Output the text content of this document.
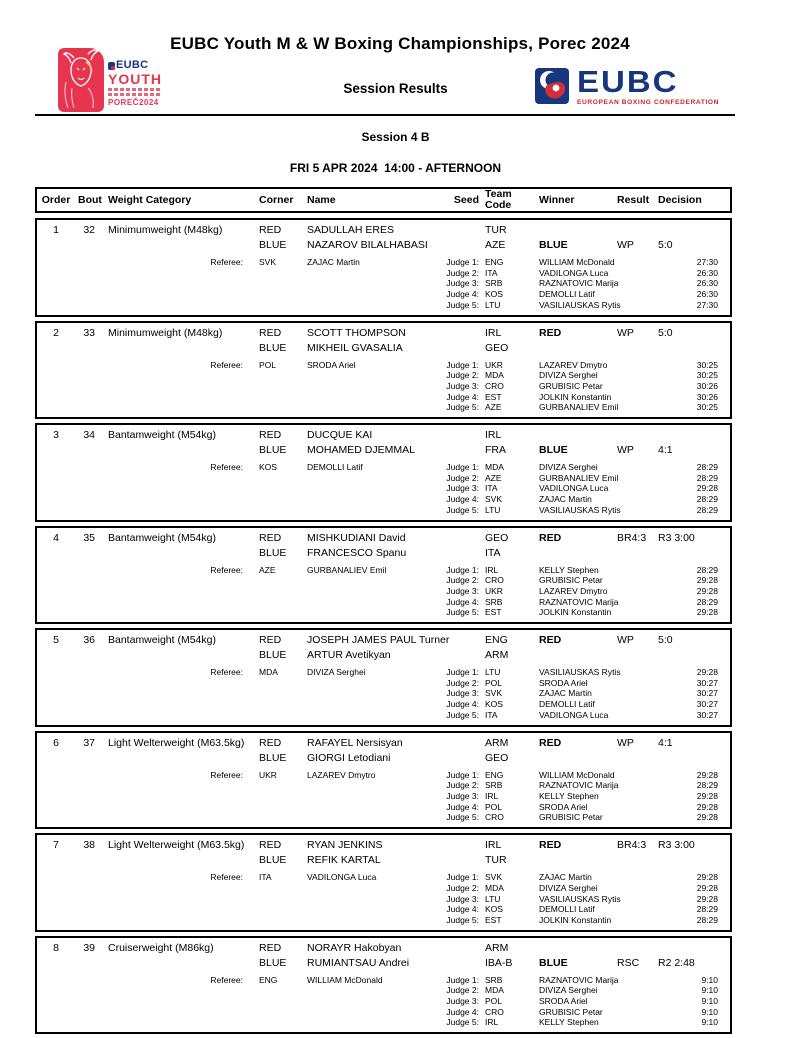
EUBC
YOUTH
POREČ2024
EUBC Youth M & W Boxing Championships, Porec 2024
Session Results	EUBC
EUROPEAN BOXING CONFEDERATION
Session 4 B
FRI 5 APR 2024  14:00 - AFTERNOON
Order Bout Weight Category	Corner	Name	Seed Team
Code	Winner	Result Decision
1	32	Minimumweight (M48kg)	RED	SADULLAH ERES	TUR
BLUE	NAZAROV BILALHABASI	AZE	BLUE	WP	5:0
Referee:	SVK	ZAJAC Martin	Judge 1: ENG	WILLIAM McDonald	27:30
Judge 2: ITA	VADILONGA Luca	26:30
Judge 3: SRB	RAZNATOVIC Marija	26:30
Judge 4: KOS	DEMOLLI Latif	26:30
Judge 5: LTU	VASILIAUSKAS Rytis	27:30
2	33	Minimumweight (M48kg)	RED	SCOTT THOMPSON	IRL	RED	WP	5:0
BLUE	MIKHEIL GVASALIA	GEO
Referee:	POL	SRODA Ariel	Judge 1: UKR	LAZAREV Dmytro	30:25
Judge 2: MDA	DIVIZA Serghei	30:25
Judge 3: CRO	GRUBISIC Petar	30:26
Judge 4: EST	JOLKIN Konstantin	30:26
Judge 5: AZE	GURBANALIEV Emil	30:25
3	34	Bantamweight (M54kg)	RED	DUCQUE KAI	IRL
BLUE	MOHAMED DJEMMAL	FRA	BLUE	WP	4:1
Referee:	KOS	DEMOLLI Latif	Judge 1: MDA	DIVIZA Serghei	28:29
Judge 2: AZE	GURBANALIEV Emil	28:29
Judge 3: ITA	VADILONGA Luca	29:28
Judge 4: SVK	ZAJAC Martin	28:29
Judge 5: LTU	VASILIAUSKAS Rytis	28:29
4	35	Bantamweight (M54kg)	RED	MISHKUDIANI David	GEO	RED	BR4:3	R3 3:00
BLUE	FRANCESCO Spanu	ITA
Referee:	AZE	GURBANALIEV Emil	Judge 1: IRL	KELLY Stephen	28:29
Judge 2: CRO	GRUBISIC Petar	29:28
Judge 3: UKR	LAZAREV Dmytro	29:28
Judge 4: SRB	RAZNATOVIC Marija	28:29
Judge 5: EST	JOLKIN Konstantin	29:28
5	36	Bantamweight (M54kg)	RED	JOSEPH JAMES PAUL Turner	ENG	RED	WP	5:0
BLUE	ARTUR Avetikyan	ARM
Referee:	MDA	DIVIZA Serghei	Judge 1: LTU	VASILIAUSKAS Rytis	29:28
Judge 2: POL	SRODA Ariel	30:27
Judge 3: SVK	ZAJAC Martin	30:27
Judge 4: KOS	DEMOLLI Latif	30:27
Judge 5: ITA	VADILONGA Luca	30:27
6	37	Light Welterweight (M63.5kg)	RED	RAFAYEL Nersisyan	ARM	RED	WP	4:1
BLUE	GIORGI Letodiani	GEO
Referee:	UKR	LAZAREV Dmytro	Judge 1: ENG	WILLIAM McDonald	29:28
Judge 2: SRB	RAZNATOVIC Marija	28:29
Judge 3: IRL	KELLY Stephen	29:28
Judge 4: POL	SRODA Ariel	29:28
Judge 5: CRO	GRUBISIC Petar	29:28
7	38	Light Welterweight (M63.5kg)	RED	RYAN JENKINS	IRL	RED	BR4:3	R3 3:00
BLUE	REFIK KARTAL	TUR
Referee:	ITA	VADILONGA Luca	Judge 1: SVK	ZAJAC Martin	29:28
Judge 2: MDA	DIVIZA Serghei	29:28
Judge 3: LTU	VASILIAUSKAS Rytis	29:28
Judge 4: KOS	DEMOLLI Latif	28:29
Judge 5: EST	JOLKIN Konstantin	28:29
8	39	Cruiserweight (M86kg)	RED	NORAYR Hakobyan	ARM
BLUE	RUMIANTSAU Andrei	IBA-B	BLUE	RSC	R2 2:48
Referee:	ENG	WILLIAM McDonald	Judge 1: SRB	RAZNATOVIC Marija	9:10
Judge 2: MDA	DIVIZA Serghei	9:10
Judge 3: POL	SRODA Ariel	9:10
Judge 4: CRO	GRUBISIC Petar	9:10
Judge 5: IRL	KELLY Stephen	9:10
